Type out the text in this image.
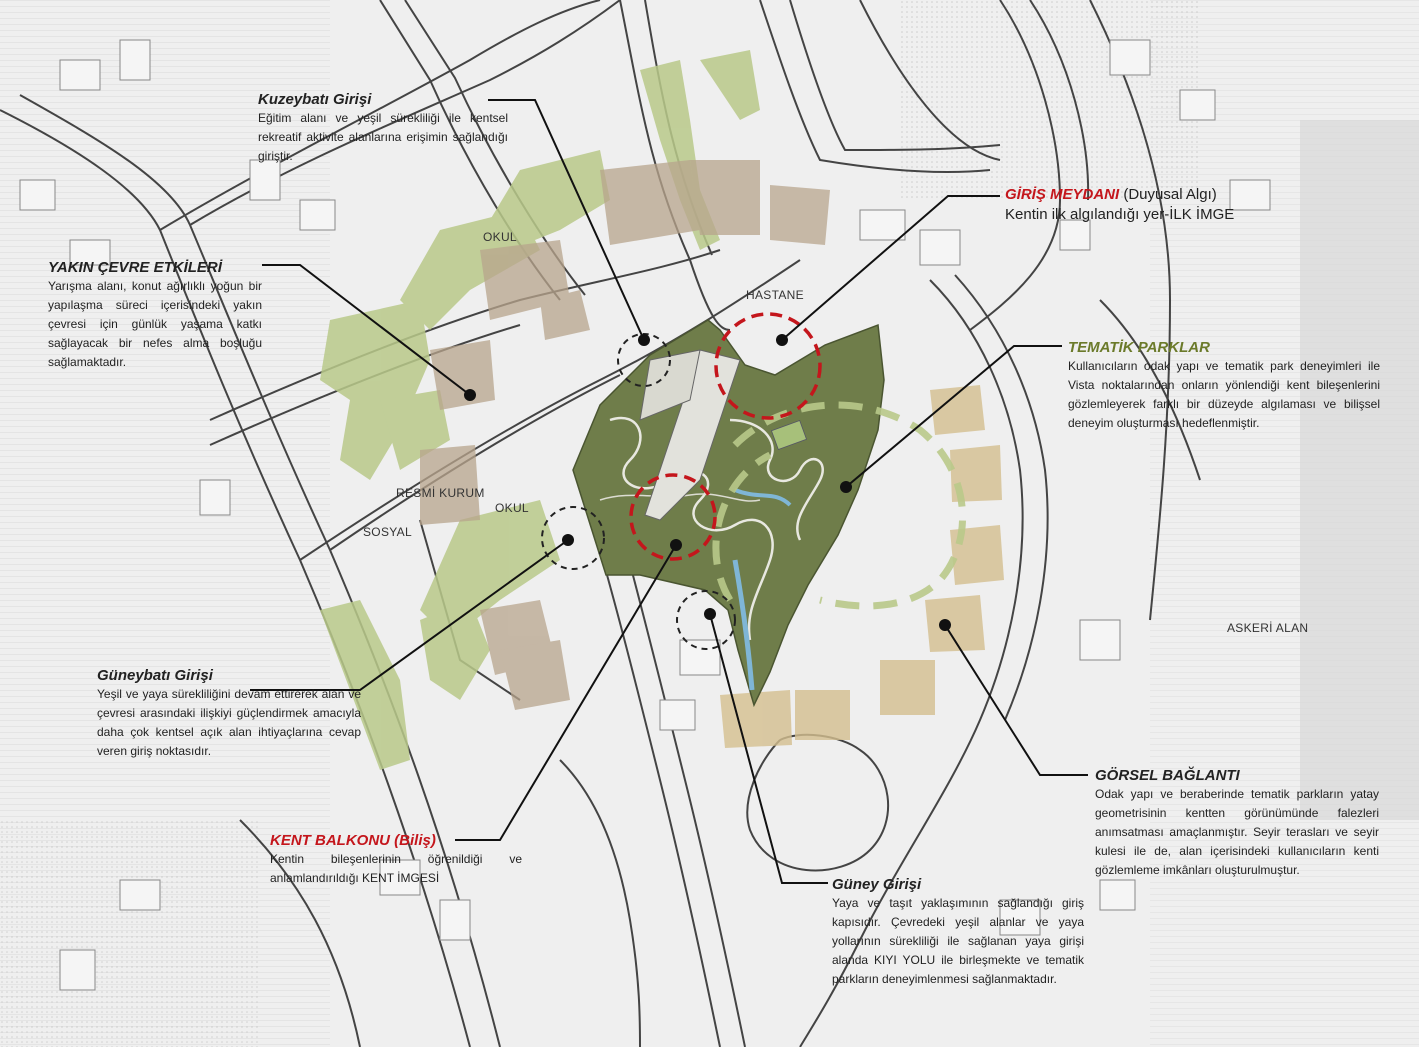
OKUL
HASTANE
RESMİ KURUM
OKUL
SOSYAL
ASKERİ ALAN
Kuzeybatı Girişi
Eğitim alanı ve yeşil sürekliliği ile kentsel rekreatif aktivite alanlarına erişimin sağlandığı giriştir.
YAKIN ÇEVRE ETKİLERİ
Yarışma alanı, konut ağırlıklı yoğun bir yapılaşma süreci içerisindeki yakın çevresi için günlük yaşama katkı sağlayacak bir nefes alma boşluğu sağlamaktadır.
GİRİŞ MEYDANI (Duyusal Algı)
Kentin ilk algılandığı yer-İLK İMGE
TEMATİK PARKLAR
Kullanıcıların odak yapı ve tematik park deneyimleri ile Vista noktalarından onların yönlendiği kent bileşenlerini gözlemleyerek farklı bir düzeyde algılaması ve bilişsel deneyim oluşturması hedeflenmiştir.
Güneybatı Girişi
Yeşil ve yaya sürekliliğini devam ettirerek alan ve çevresi arasındaki ilişkiyi güçlendirmek amacıyla daha çok kentsel açık alan ihtiyaçlarına cevap veren giriş noktasıdır.
GÖRSEL BAĞLANTI
Odak yapı ve beraberinde tematik parkların yatay geometrisinin kentten görünümünde falezleri anımsatması amaçlanmıştır. Seyir terasları ve seyir kulesi ile de, alan içerisindeki kullanıcıların kenti gözlemleme imkânları oluşturulmuştur.
KENT BALKONU (Biliş)
Kentin bileşenlerinin öğrenildiği ve anlamlandırıldığı KENT İMGESİ	Güney Girişi
Yaya ve taşıt yaklaşımının sağlandığı giriş kapısıdır. Çevredeki yeşil alanlar ve yaya yollarının sürekliliği ile sağlanan yaya girişi alanda KIYI YOLU ile birleşmekte ve tematik parkların deneyimlenmesi sağlanmaktadır.
